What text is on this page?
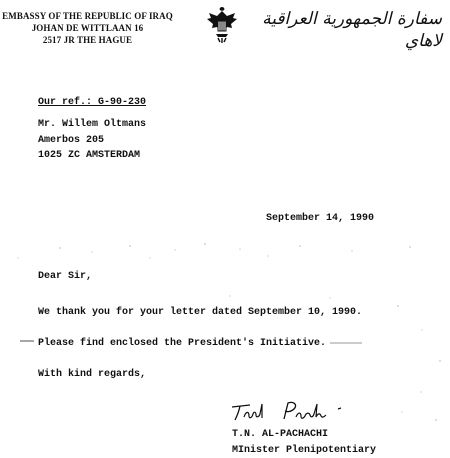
EMBASSY OF THE REPUBLIC OF IRAQ
JOHAN DE WITTLAAN 16
2517 JR THE HAGUE
سفارة الجمهورية العراقية
لاهاي
Our ref.: G-90-230
Mr. Willem Oltmans
Amerbos 205
1025 ZC AMSTERDAM
September 14, 1990
Dear Sir,
We thank you for your letter dated September 10, 1990.
Please find enclosed the President's Initiative.
With kind regards,
T.N. AL-PACHACHI
MInister Plenipotentiary
